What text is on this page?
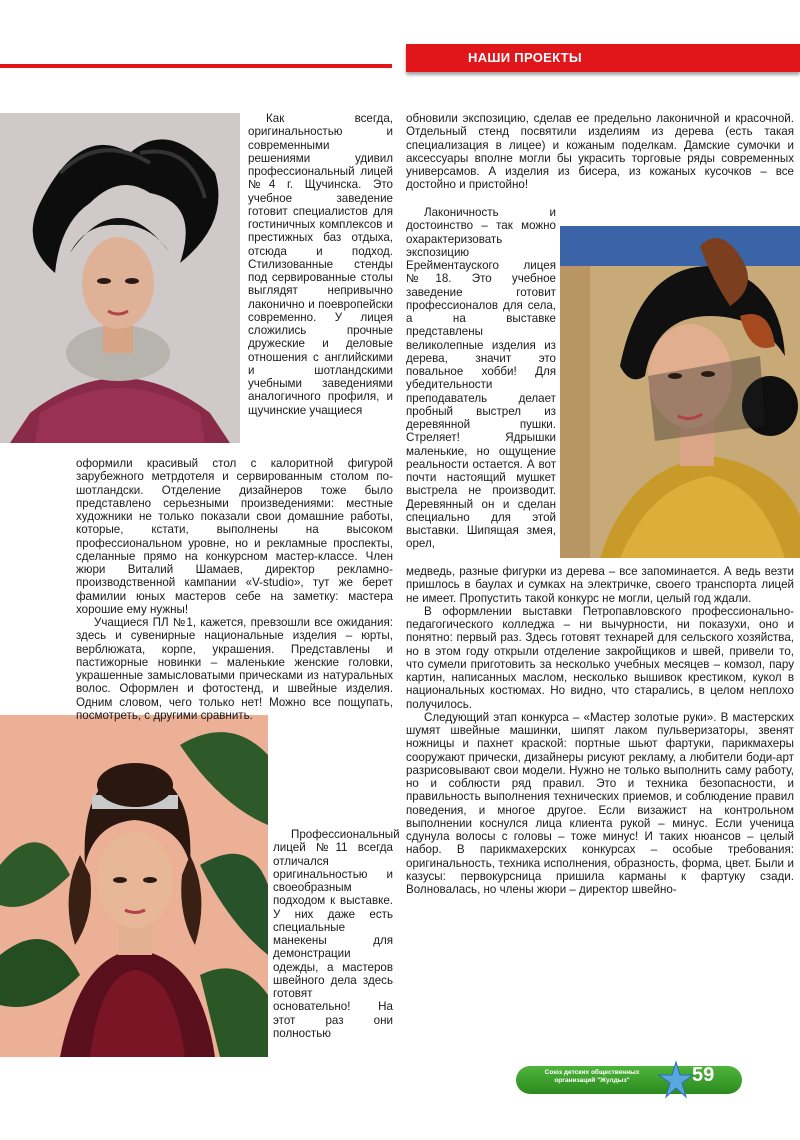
НАШИ ПРОЕКТЫ

Как всегда, оригинальностью и современными решениями удивил профессиональный лицей №4 г. Щучинска. Это учебное заведение готовит специалистов для гостиничных комплексов и престижных баз отдыха, отсюда и подход. Стилизованные стенды под сервированные столы выглядят непривычно лаконично и поевропейски современно. У лицея сложились прочные дружеские и деловые отношения с английскими и шотландскими учебными заведениями аналогичного профиля, и щучинские учащиеся

оформили красивый стол с калоритной фигурой зарубежного метрдотеля и сервированным столом по-шотландски. Отделение дизайнеров тоже было представлено серьезными произведениями: местные художники не только показали свои домашние работы, которые, кстати, выполнены на высоком профессиональном уровне, но и рекламные проспекты, сделанные прямо на конкурсном мастер-классе. Член жюри Виталий Шамаев, директор рекламно-производственной кампании «V-studio», тут же берет фамилии юных мастеров себе на заметку: мастера хорошие ему нужны!

Учащиеся ПЛ №1, кажется, превзошли все ожидания: здесь и сувенирные национальные изделия – юрты, верблюжата, корпе, украшения. Представлены и пастижорные новинки – маленькие женские головки, украшенные замысловатыми прическами из натуральных волос. Оформлен и фотостенд, и швейные изделия. Одним словом, чего только нет! Можно все пощупать, посмотреть, с другими сравнить.

Профессиональный лицей №11 всегда отличался оригинальностью и своеобразным подходом к выставке. У них даже есть специальные манекены для демонстрации одежды, а мастеров швейного дела здесь готовят основательно! На этот раз они полностью

обновили экспозицию, сделав ее предельно лаконичной и красочной. Отдельный стенд посвятили изделиям из дерева (есть такая специализация в лицее) и кожаным поделкам. Дамские сумочки и аксессуары вполне могли бы украсить торговые ряды современных универсамов. А изделия из бисера, из кожаных кусочков – все достойно и пристойно!

Лаконичность и достоинство – так можно охарактеризовать экспозицию Ерейментауского лицея №18. Это учебное заведение готовит профессионалов для села, а на выставке представлены великолепные изделия из дерева, значит это повальное хобби! Для убедительности преподаватель делает пробный выстрел из деревянной пушки. Стреляет! Ядрышки маленькие, но ощущение реальности остается. А вот почти настоящий мушкет выстрела не производит. Деревянный он и сделан специально для этой выставки. Шипящая змея, орел,

медведь, разные фигурки из дерева – все запоминается. А ведь везти пришлось в баулах и сумках на электричке, своего транспорта лицей не имеет. Пропустить такой конкурс не могли, целый год ждали.

В оформлении выставки Петропавловского профессионально-педагогического колледжа – ни вычурности, ни показухи, оно и понятно: первый раз. Здесь готовят технарей для сельского хозяйства, но в этом году открыли отделение закройщиков и швей, привели то, что сумели приготовить за несколько учебных месяцев – комзол, пару картин, написанных маслом, несколько вышивок крестиком, кукол в национальных костюмах. Но видно, что старались, в целом неплохо получилось.

Следующий этап конкурса – «Мастер золотые руки». В мастерских шумят швейные машинки, шипят лаком пульверизаторы, звенят ножницы и пахнет краской: портные шьют фартуки, парикмахеры сооружают прически, дизайнеры рисуют рекламу, а любители боди-арт разрисовывают свои модели. Нужно не только выполнить саму работу, но и соблюсти ряд правил. Это и техника безопасности, и правильность выполнения технических приемов, и соблюдение правил поведения, и многое другое. Если визажист на контрольном выполнении коснулся лица клиента рукой – минус. Если ученица сдунула волосы с головы – тоже минус! И таких нюансов – целый набор. В парикмахерских конкурсах – особые требования: оригинальность, техника исполнения, образность, форма, цвет. Были и казусы: первокурсница пришила карманы к фартуку сзади. Волновалась, но члены жюри – директор швейно-

Союз детских общественных организаций "Жулдыз"	59
